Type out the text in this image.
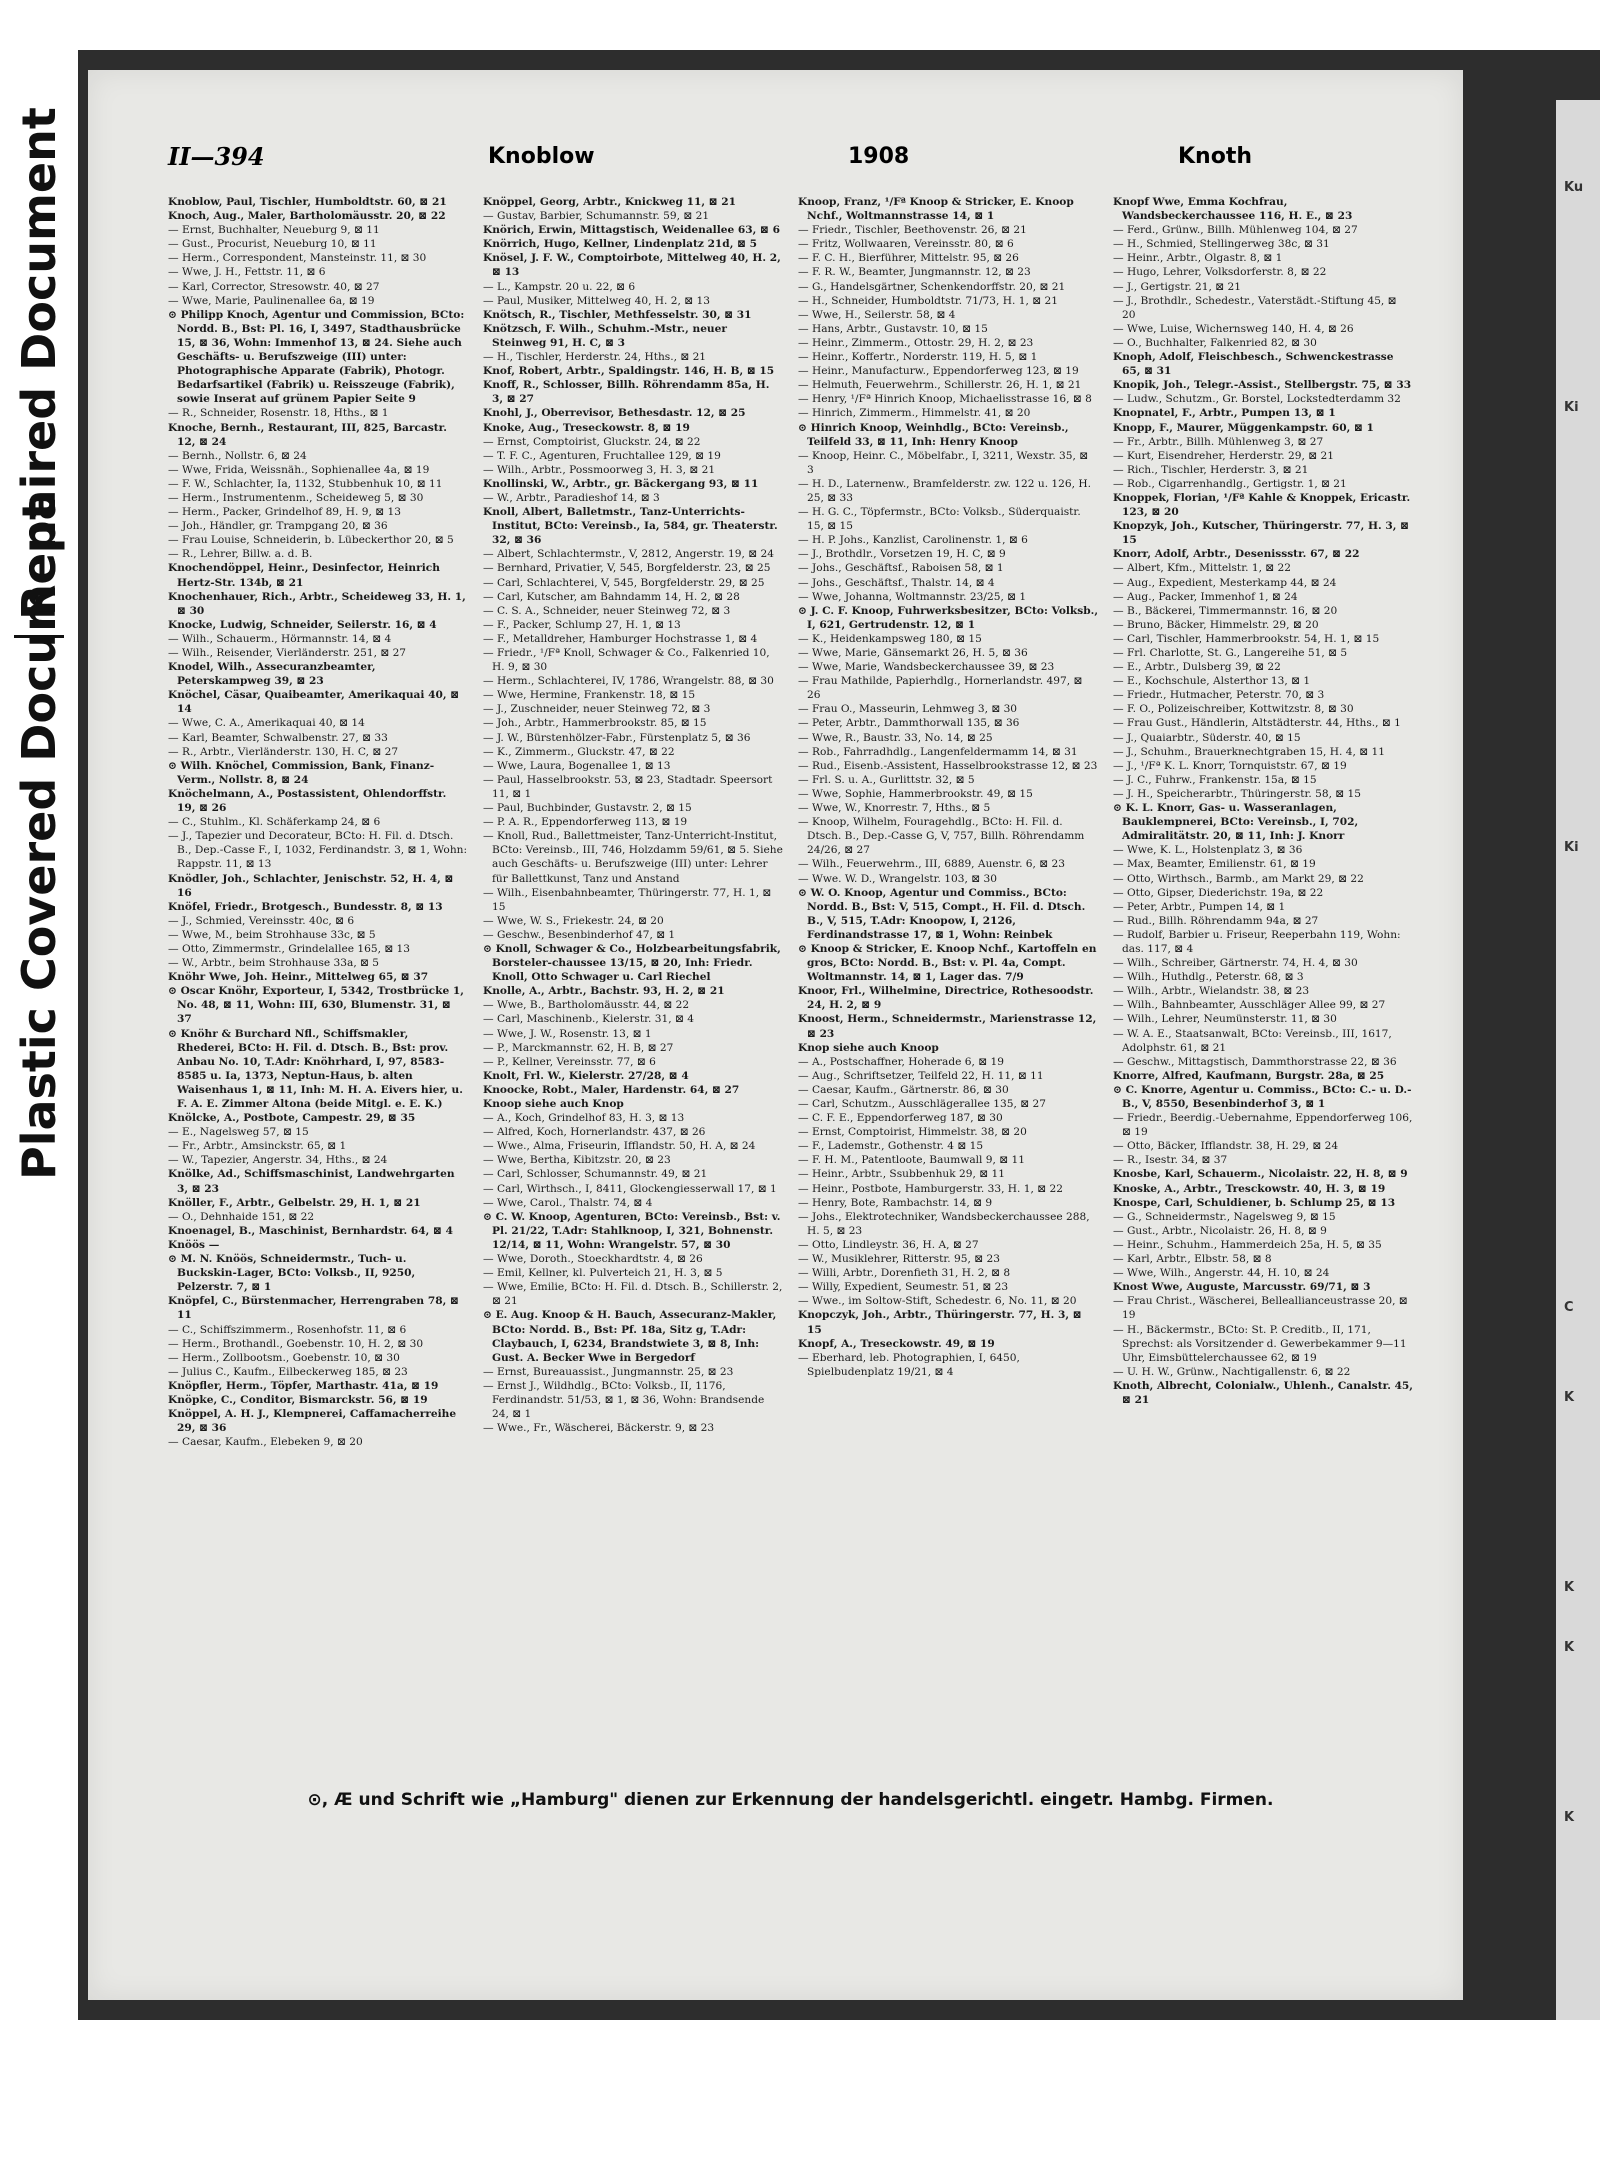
Repaired Document
Plastic Covered Document
Ku
Ki
Ki
C
K
K
K
K
II—394	Knoblow	1908	Knoth

Knoblow, Paul, Tischler, Humboldtstr. 60, ⊠ 21

Knoch, Aug., Maler, Bartholomäusstr. 20, ⊠ 22

— Ernst, Buchhalter, Neueburg 9, ⊠ 11

— Gust., Procurist, Neueburg 10, ⊠ 11

— Herm., Correspondent, Mansteinstr. 11, ⊠ 30

— Wwe, J. H., Fettstr. 11, ⊠ 6

— Karl, Corrector, Stresowstr. 40, ⊠ 27

— Wwe, Marie, Paulinenallee 6a, ⊠ 19

⊙ Philipp Knoch, Agentur und Commission, BCto: Nordd. B., Bst: Pl. 16, I, 3497, Stadthausbrücke 15, ⊠ 36, Wohn: Immenhof 13, ⊠ 24. Siehe auch Geschäfts- u. Berufszweige (III) unter: Photographische Apparate (Fabrik), Photogr. Bedarfsartikel (Fabrik) u. Reisszeuge (Fabrik), sowie Inserat auf grünem Papier Seite 9

— R., Schneider, Rosenstr. 18, Hths., ⊠ 1

Knoche, Bernh., Restaurant, III, 825, Barcastr. 12, ⊠ 24

— Bernh., Nollstr. 6, ⊠ 24

— Wwe, Frida, Weissnäh., Sophienallee 4a, ⊠ 19

— F. W., Schlachter, Ia, 1132, Stubbenhuk 10, ⊠ 11

— Herm., Instrumentenm., Scheideweg 5, ⊠ 30

— Herm., Packer, Grindelhof 89, H. 9, ⊠ 13

— Joh., Händler, gr. Trampgang 20, ⊠ 36

— Frau Louise, Schneiderin, b. Lübeckerthor 20, ⊠ 5

— R., Lehrer, Billw. a. d. B.

Knochendöppel, Heinr., Desinfector, Heinrich Hertz-Str. 134b, ⊠ 21

Knochenhauer, Rich., Arbtr., Scheideweg 33, H. 1, ⊠ 30

Knocke, Ludwig, Schneider, Seilerstr. 16, ⊠ 4

— Wilh., Schauerm., Hörmannstr. 14, ⊠ 4

— Wilh., Reisender, Vierländerstr. 251, ⊠ 27

Knodel, Wilh., Assecuranzbeamter, Peterskampweg 39, ⊠ 23

Knöchel, Cäsar, Quaibeamter, Amerikaquai 40, ⊠ 14

— Wwe, C. A., Amerikaquai 40, ⊠ 14

— Karl, Beamter, Schwalbenstr. 27, ⊠ 33

— R., Arbtr., Vierländerstr. 130, H. C, ⊠ 27

⊙ Wilh. Knöchel, Commission, Bank, Finanz-Verm., Nollstr. 8, ⊠ 24

Knöchelmann, A., Postassistent, Ohlendorffstr. 19, ⊠ 26

— C., Stuhlm., Kl. Schäferkamp 24, ⊠ 6

— J., Tapezier und Decorateur, BCto: H. Fil. d. Dtsch. B., Dep.-Casse F., I, 1032, Ferdinandstr. 3, ⊠ 1, Wohn: Rappstr. 11, ⊠ 13

Knödler, Joh., Schlachter, Jenischstr. 52, H. 4, ⊠ 16

Knöfel, Friedr., Brotgesch., Bundesstr. 8, ⊠ 13

— J., Schmied, Vereinsstr. 40c, ⊠ 6

— Wwe, M., beim Strohhause 33c, ⊠ 5

— Otto, Zimmermstr., Grindelallee 165, ⊠ 13

— W., Arbtr., beim Strohhause 33a, ⊠ 5

Knöhr Wwe, Joh. Heinr., Mittelweg 65, ⊠ 37

⊙ Oscar Knöhr, Exporteur, I, 5342, Trostbrücke 1, No. 48, ⊠ 11, Wohn: III, 630, Blumenstr. 31, ⊠ 37

⊙ Knöhr & Burchard Nfl., Schiffsmakler, Rhederei, BCto: H. Fil. d. Dtsch. B., Bst: prov. Anbau No. 10, T.Adr: Knöhrhard, I, 97, 8583-8585 u. Ia, 1373, Neptun-Haus, b. alten Waisenhaus 1, ⊠ 11, Inh: M. H. A. Eivers hier, u. F. A. E. Zimmer Altona (beide Mitgl. e. E. K.)

Knölcke, A., Postbote, Campestr. 29, ⊠ 35

— E., Nagelsweg 57, ⊠ 15

— Fr., Arbtr., Amsinckstr. 65, ⊠ 1

— W., Tapezier, Angerstr. 34, Hths., ⊠ 24

Knölke, Ad., Schiffsmaschinist, Landwehrgarten 3, ⊠ 23

Knöller, F., Arbtr., Gelbelstr. 29, H. 1, ⊠ 21

— O., Dehnhaide 151, ⊠ 22

Knoenagel, B., Maschinist, Bernhardstr. 64, ⊠ 4

Knöös —

⊙ M. N. Knöös, Schneidermstr., Tuch- u. Buckskin-Lager, BCto: Volksb., II, 9250, Pelzerstr. 7, ⊠ 1

Knöpfel, C., Bürstenmacher, Herrengraben 78, ⊠ 11

— C., Schiffszimmerm., Rosenhofstr. 11, ⊠ 6

— Herm., Brothandl., Goebenstr. 10, H. 2, ⊠ 30

— Herm., Zollbootsm., Goebenstr. 10, ⊠ 30

— Julius C., Kaufm., Eilbeckerweg 185, ⊠ 23

Knöpfler, Herm., Töpfer, Marthastr. 41a, ⊠ 19

Knöpke, C., Conditor, Bismarckstr. 56, ⊠ 19

Knöppel, A. H. J., Klempnerei, Caffamacherreihe 29, ⊠ 36

— Caesar, Kaufm., Elebeken 9, ⊠ 20

Knöppel, Georg, Arbtr., Knickweg 11, ⊠ 21

— Gustav, Barbier, Schumannstr. 59, ⊠ 21

Knörich, Erwin, Mittagstisch, Weidenallee 63, ⊠ 6

Knörrich, Hugo, Kellner, Lindenplatz 21d, ⊠ 5

Knösel, J. F. W., Comptoirbote, Mittelweg 40, H. 2, ⊠ 13

— L., Kampstr. 20 u. 22, ⊠ 6

— Paul, Musiker, Mittelweg 40, H. 2, ⊠ 13

Knötsch, R., Tischler, Methfesselstr. 30, ⊠ 31

Knötzsch, F. Wilh., Schuhm.-Mstr., neuer Steinweg 91, H. C, ⊠ 3

— H., Tischler, Herderstr. 24, Hths., ⊠ 21

Knof, Robert, Arbtr., Spaldingstr. 146, H. B, ⊠ 15

Knoff, R., Schlosser, Billh. Röhrendamm 85a, H. 3, ⊠ 27

Knohl, J., Oberrevisor, Bethesdastr. 12, ⊠ 25

Knoke, Aug., Treseckowstr. 8, ⊠ 19

— Ernst, Comptoirist, Gluckstr. 24, ⊠ 22

— T. F. C., Agenturen, Fruchtallee 129, ⊠ 19

— Wilh., Arbtr., Possmoorweg 3, H. 3, ⊠ 21

Knollinski, W., Arbtr., gr. Bäckergang 93, ⊠ 11

— W., Arbtr., Paradieshof 14, ⊠ 3

Knoll, Albert, Balletmstr., Tanz-Unterrichts-Institut, BCto: Vereinsb., Ia, 584, gr. Theaterstr. 32, ⊠ 36

— Albert, Schlachtermstr., V, 2812, Angerstr. 19, ⊠ 24

— Bernhard, Privatier, V, 545, Borgfelderstr. 23, ⊠ 25

— Carl, Schlachterei, V, 545, Borgfelderstr. 29, ⊠ 25

— Carl, Kutscher, am Bahndamm 14, H. 2, ⊠ 28

— C. S. A., Schneider, neuer Steinweg 72, ⊠ 3

— F., Packer, Schlump 27, H. 1, ⊠ 13

— F., Metalldreher, Hamburger Hochstrasse 1, ⊠ 4

— Friedr., ¹/Fª Knoll, Schwager & Co., Falkenried 10, H. 9, ⊠ 30

— Herm., Schlachterei, IV, 1786, Wrangelstr. 88, ⊠ 30

— Wwe, Hermine, Frankenstr. 18, ⊠ 15

— J., Zuschneider, neuer Steinweg 72, ⊠ 3

— Joh., Arbtr., Hammerbrookstr. 85, ⊠ 15

— J. W., Bürstenhölzer-Fabr., Fürstenplatz 5, ⊠ 36

— K., Zimmerm., Gluckstr. 47, ⊠ 22

— Wwe, Laura, Bogenallee 1, ⊠ 13

— Paul, Hasselbrookstr. 53, ⊠ 23, Stadtadr. Speersort 11, ⊠ 1

— Paul, Buchbinder, Gustavstr. 2, ⊠ 15

— P. A. R., Eppendorferweg 113, ⊠ 19

— Knoll, Rud., Ballettmeister, Tanz-Unterricht-Institut, BCto: Vereinsb., III, 746, Holzdamm 59/61, ⊠ 5. Siehe auch Geschäfts- u. Berufszweige (III) unter: Lehrer für Ballettkunst, Tanz und Anstand

— Wilh., Eisenbahnbeamter, Thüringerstr. 77, H. 1, ⊠ 15

— Wwe, W. S., Friekestr. 24, ⊠ 20

— Geschw., Besenbinderhof 47, ⊠ 1

⊙ Knoll, Schwager & Co., Holzbearbeitungsfabrik, Borsteler-chaussee 13/15, ⊠ 20, Inh: Friedr. Knoll, Otto Schwager u. Carl Riechel

Knolle, A., Arbtr., Bachstr. 93, H. 2, ⊠ 21

— Wwe, B., Bartholomäusstr. 44, ⊠ 22

— Carl, Maschinenb., Kielerstr. 31, ⊠ 4

— Wwe, J. W., Rosenstr. 13, ⊠ 1

— P., Marckmannstr. 62, H. B, ⊠ 27

— P., Kellner, Vereinsstr. 77, ⊠ 6

Knolt, Frl. W., Kielerstr. 27/28, ⊠ 4

Knoocke, Robt., Maler, Hardenstr. 64, ⊠ 27

Knoop siehe auch Knop

— A., Koch, Grindelhof 83, H. 3, ⊠ 13

— Alfred, Koch, Hornerlandstr. 437, ⊠ 26

— Wwe., Alma, Friseurin, Ifflandstr. 50, H. A, ⊠ 24

— Wwe, Bertha, Kibitzstr. 20, ⊠ 23

— Carl, Schlosser, Schumannstr. 49, ⊠ 21

— Carl, Wirthsch., I, 8411, Glockengiesserwall 17, ⊠ 1

— Wwe, Carol., Thalstr. 74, ⊠ 4

⊙ C. W. Knoop, Agenturen, BCto: Vereinsb., Bst: v. Pl. 21/22, T.Adr: Stahlknoop, I, 321, Bohnenstr. 12/14, ⊠ 11, Wohn: Wrangelstr. 57, ⊠ 30

— Wwe, Doroth., Stoeckhardtstr. 4, ⊠ 26

— Emil, Kellner, kl. Pulverteich 21, H. 3, ⊠ 5

— Wwe, Emilie, BCto: H. Fil. d. Dtsch. B., Schillerstr. 2, ⊠ 21

⊙ E. Aug. Knoop & H. Bauch, Assecuranz-Makler, BCto: Nordd. B., Bst: Pf. 18a, Sitz g, T.Adr: Claybauch, I, 6234, Brandstwiete 3, ⊠ 8, Inh: Gust. A. Becker Wwe in Bergedorf

— Ernst, Bureauassist., Jungmannstr. 25, ⊠ 23

— Ernst J., Wildhdlg., BCto: Volksb., II, 1176, Ferdinandstr. 51/53, ⊠ 1, ⊠ 36, Wohn: Brandsende 24, ⊠ 1

— Wwe., Fr., Wäscherei, Bäckerstr. 9, ⊠ 23

Knoop, Franz, ¹/Fª Knoop & Stricker, E. Knoop Nchf., Woltmannstrasse 14, ⊠ 1

— Friedr., Tischler, Beethovenstr. 26, ⊠ 21

— Fritz, Wollwaaren, Vereinsstr. 80, ⊠ 6

— F. C. H., Bierführer, Mittelstr. 95, ⊠ 26

— F. R. W., Beamter, Jungmannstr. 12, ⊠ 23

— G., Handelsgärtner, Schenkendorffstr. 20, ⊠ 21

— H., Schneider, Humboldtstr. 71/73, H. 1, ⊠ 21

— Wwe, H., Seilerstr. 58, ⊠ 4

— Hans, Arbtr., Gustavstr. 10, ⊠ 15

— Heinr., Zimmerm., Ottostr. 29, H. 2, ⊠ 23

— Heinr., Koffertr., Norderstr. 119, H. 5, ⊠ 1

— Heinr., Manufacturw., Eppendorferweg 123, ⊠ 19

— Helmuth, Feuerwehrm., Schillerstr. 26, H. 1, ⊠ 21

— Henry, ¹/Fª Hinrich Knoop, Michaelisstrasse 16, ⊠ 8

— Hinrich, Zimmerm., Himmelstr. 41, ⊠ 20

⊙ Hinrich Knoop, Weinhdlg., BCto: Vereinsb., Teilfeld 33, ⊠ 11, Inh: Henry Knoop

— Knoop, Heinr. C., Möbelfabr., I, 3211, Wexstr. 35, ⊠ 3

— H. D., Laternenw., Bramfelderstr. zw. 122 u. 126, H. 25, ⊠ 33

— H. G. C., Töpfermstr., BCto: Volksb., Süderquaistr. 15, ⊠ 15

— H. P. Johs., Kanzlist, Carolinenstr. 1, ⊠ 6

— J., Brothdlr., Vorsetzen 19, H. C, ⊠ 9

— Johs., Geschäftsf., Raboisen 58, ⊠ 1

— Johs., Geschäftsf., Thalstr. 14, ⊠ 4

— Wwe, Johanna, Woltmannstr. 23/25, ⊠ 1

⊙ J. C. F. Knoop, Fuhrwerksbesitzer, BCto: Volksb., I, 621, Gertrudenstr. 12, ⊠ 1

— K., Heidenkampsweg 180, ⊠ 15

— Wwe, Marie, Gänsemarkt 26, H. 5, ⊠ 36

— Wwe, Marie, Wandsbeckerchaussee 39, ⊠ 23

— Frau Mathilde, Papierhdlg., Hornerlandstr. 497, ⊠ 26

— Frau O., Masseurin, Lehmweg 3, ⊠ 30

— Peter, Arbtr., Dammthorwall 135, ⊠ 36

— Wwe, R., Baustr. 33, No. 14, ⊠ 25

— Rob., Fahrradhdlg., Langenfeldermamm 14, ⊠ 31

— Rud., Eisenb.-Assistent, Hasselbrookstrasse 12, ⊠ 23

— Frl. S. u. A., Gurlittstr. 32, ⊠ 5

— Wwe, Sophie, Hammerbrookstr. 49, ⊠ 15

— Wwe, W., Knorrestr. 7, Hths., ⊠ 5

— Knoop, Wilhelm, Fouragehdlg., BCto: H. Fil. d. Dtsch. B., Dep.-Casse G, V, 757, Billh. Röhrendamm 24/26, ⊠ 27

— Wilh., Feuerwehrm., III, 6889, Auenstr. 6, ⊠ 23

— Wwe. W. D., Wrangelstr. 103, ⊠ 30

⊙ W. O. Knoop, Agentur und Commiss., BCto: Nordd. B., Bst: V, 515, Compt., H. Fil. d. Dtsch. B., V, 515, T.Adr: Knoopow, I, 2126, Ferdinandstrasse 17, ⊠ 1, Wohn: Reinbek

⊙ Knoop & Stricker, E. Knoop Nchf., Kartoffeln en gros, BCto: Nordd. B., Bst: v. Pl. 4a, Compt. Woltmannstr. 14, ⊠ 1, Lager das. 7/9

Knoor, Frl., Wilhelmine, Directrice, Rothesoodstr. 24, H. 2, ⊠ 9

Knoost, Herm., Schneidermstr., Marienstrasse 12, ⊠ 23

Knop siehe auch Knoop

— A., Postschaffner, Hoherade 6, ⊠ 19

— Aug., Schriftsetzer, Teilfeld 22, H. 11, ⊠ 11

— Caesar, Kaufm., Gärtnerstr. 86, ⊠ 30

— Carl, Schutzm., Ausschlägerallee 135, ⊠ 27

— C. F. E., Eppendorferweg 187, ⊠ 30

— Ernst, Comptoirist, Himmelstr. 38, ⊠ 20

— F., Lademstr., Gothenstr. 4 ⊠ 15

— F. H. M., Patentloote, Baumwall 9, ⊠ 11

— Heinr., Arbtr., Ssubbenhuk 29, ⊠ 11

— Heinr., Postbote, Hamburgerstr. 33, H. 1, ⊠ 22

— Henry, Bote, Rambachstr. 14, ⊠ 9

— Johs., Elektrotechniker, Wandsbeckerchaussee 288, H. 5, ⊠ 23

— Otto, Lindleystr. 36, H. A, ⊠ 27

— W., Musiklehrer, Ritterstr. 95, ⊠ 23

— Willi, Arbtr., Dorenfieth 31, H. 2, ⊠ 8

— Willy, Expedient, Seumestr. 51, ⊠ 23

— Wwe., im Soltow-Stift, Schedestr. 6, No. 11, ⊠ 20

Knopczyk, Joh., Arbtr., Thüringerstr. 77, H. 3, ⊠ 15

Knopf, A., Treseckowstr. 49, ⊠ 19

— Eberhard, leb. Photographien, I, 6450, Spielbudenplatz 19/21, ⊠ 4

Knopf Wwe, Emma Kochfrau, Wandsbeckerchaussee 116, H. E., ⊠ 23

— Ferd., Grünw., Billh. Mühlenweg 104, ⊠ 27

— H., Schmied, Stellingerweg 38c, ⊠ 31

— Heinr., Arbtr., Olgastr. 8, ⊠ 1

— Hugo, Lehrer, Volksdorferstr. 8, ⊠ 22

— J., Gertigstr. 21, ⊠ 21

— J., Brothdlr., Schedestr., Vaterstädt.-Stiftung 45, ⊠ 20

— Wwe, Luise, Wichernsweg 140, H. 4, ⊠ 26

— O., Buchhalter, Falkenried 82, ⊠ 30

Knoph, Adolf, Fleischbesch., Schwenckestrasse 65, ⊠ 31

Knopik, Joh., Telegr.-Assist., Stellbergstr. 75, ⊠ 33

— Ludw., Schutzm., Gr. Borstel, Lockstedterdamm 32

Knopnatel, F., Arbtr., Pumpen 13, ⊠ 1

Knopp, F., Maurer, Müggenkampstr. 60, ⊠ 1

— Fr., Arbtr., Billh. Mühlenweg 3, ⊠ 27

— Kurt, Eisendreher, Herderstr. 29, ⊠ 21

— Rich., Tischler, Herderstr. 3, ⊠ 21

— Rob., Cigarrenhandlg., Gertigstr. 1, ⊠ 21

Knoppek, Florian, ¹/Fª Kahle & Knoppek, Ericastr. 123, ⊠ 20

Knopzyk, Joh., Kutscher, Thüringerstr. 77, H. 3, ⊠ 15

Knorr, Adolf, Arbtr., Desenissstr. 67, ⊠ 22

— Albert, Kfm., Mittelstr. 1, ⊠ 22

— Aug., Expedient, Mesterkamp 44, ⊠ 24

— Aug., Packer, Immenhof 1, ⊠ 24

— B., Bäckerei, Timmermannstr. 16, ⊠ 20

— Bruno, Bäcker, Himmelstr. 29, ⊠ 20

— Carl, Tischler, Hammerbrookstr. 54, H. 1, ⊠ 15

— Frl. Charlotte, St. G., Langereihe 51, ⊠ 5

— E., Arbtr., Dulsberg 39, ⊠ 22

— E., Kochschule, Alsterthor 13, ⊠ 1

— Friedr., Hutmacher, Peterstr. 70, ⊠ 3

— F. O., Polizeischreiber, Kottwitzstr. 8, ⊠ 30

— Frau Gust., Händlerin, Altstädterstr. 44, Hths., ⊠ 1

— J., Quaiarbtr., Süderstr. 40, ⊠ 15

— J., Schuhm., Brauerknechtgraben 15, H. 4, ⊠ 11

— J., ¹/Fª K. L. Knorr, Tornquiststr. 67, ⊠ 19

— J. C., Fuhrw., Frankenstr. 15a, ⊠ 15

— J. H., Speicherarbtr., Thüringerstr. 58, ⊠ 15

⊙ K. L. Knorr, Gas- u. Wasseranlagen, Bauklempnerei, BCto: Vereinsb., I, 702, Admiralitätstr. 20, ⊠ 11, Inh: J. Knorr

— Wwe, K. L., Holstenplatz 3, ⊠ 36

— Max, Beamter, Emilienstr. 61, ⊠ 19

— Otto, Wirthsch., Barmb., am Markt 29, ⊠ 22

— Otto, Gipser, Diederichstr. 19a, ⊠ 22

— Peter, Arbtr., Pumpen 14, ⊠ 1

— Rud., Billh. Röhrendamm 94a, ⊠ 27

— Rudolf, Barbier u. Friseur, Reeperbahn 119, Wohn: das. 117, ⊠ 4

— Wilh., Schreiber, Gärtnerstr. 74, H. 4, ⊠ 30

— Wilh., Huthdlg., Peterstr. 68, ⊠ 3

— Wilh., Arbtr., Wielandstr. 38, ⊠ 23

— Wilh., Bahnbeamter, Ausschläger Allee 99, ⊠ 27

— Wilh., Lehrer, Neumünsterstr. 11, ⊠ 30

— W. A. E., Staatsanwalt, BCto: Vereinsb., III, 1617, Adolphstr. 61, ⊠ 21

— Geschw., Mittagstisch, Dammthorstrasse 22, ⊠ 36

Knorre, Alfred, Kaufmann, Burgstr. 28a, ⊠ 25

⊙ C. Knorre, Agentur u. Commiss., BCto: C.- u. D.-B., V, 8550, Besenbinderhof 3, ⊠ 1

— Friedr., Beerdig.-Uebernahme, Eppendorferweg 106, ⊠ 19

— Otto, Bäcker, Ifflandstr. 38, H. 29, ⊠ 24

— R., Isestr. 34, ⊠ 37

Knosbe, Karl, Schauerm., Nicolaistr. 22, H. 8, ⊠ 9

Knoske, A., Arbtr., Tresckowstr. 40, H. 3, ⊠ 19

Knospe, Carl, Schuldiener, b. Schlump 25, ⊠ 13

— G., Schneidermstr., Nagelsweg 9, ⊠ 15

— Gust., Arbtr., Nicolaistr. 26, H. 8, ⊠ 9

— Heinr., Schuhm., Hammerdeich 25a, H. 5, ⊠ 35

— Karl, Arbtr., Elbstr. 58, ⊠ 8

— Wwe, Wilh., Angerstr. 44, H. 10, ⊠ 24

Knost Wwe, Auguste, Marcusstr. 69/71, ⊠ 3

— Frau Christ., Wäscherei, Belleallianceustrasse 20, ⊠ 19

— H., Bäckermstr., BCto: St. P. Creditb., II, 171, Sprechst: als Vorsitzender d. Gewerbekammer 9—11 Uhr, Eimsbüttelerchaussee 62, ⊠ 19

— U. H. W., Grünw., Nachtigallenstr. 6, ⊠ 22

Knoth, Albrecht, Colonialw., Uhlenh., Canalstr. 45, ⊠ 21

⊙, Æ und Schrift wie „Hamburg" dienen zur Erkennung der handelsgerichtl. eingetr. Hambg. Firmen.
